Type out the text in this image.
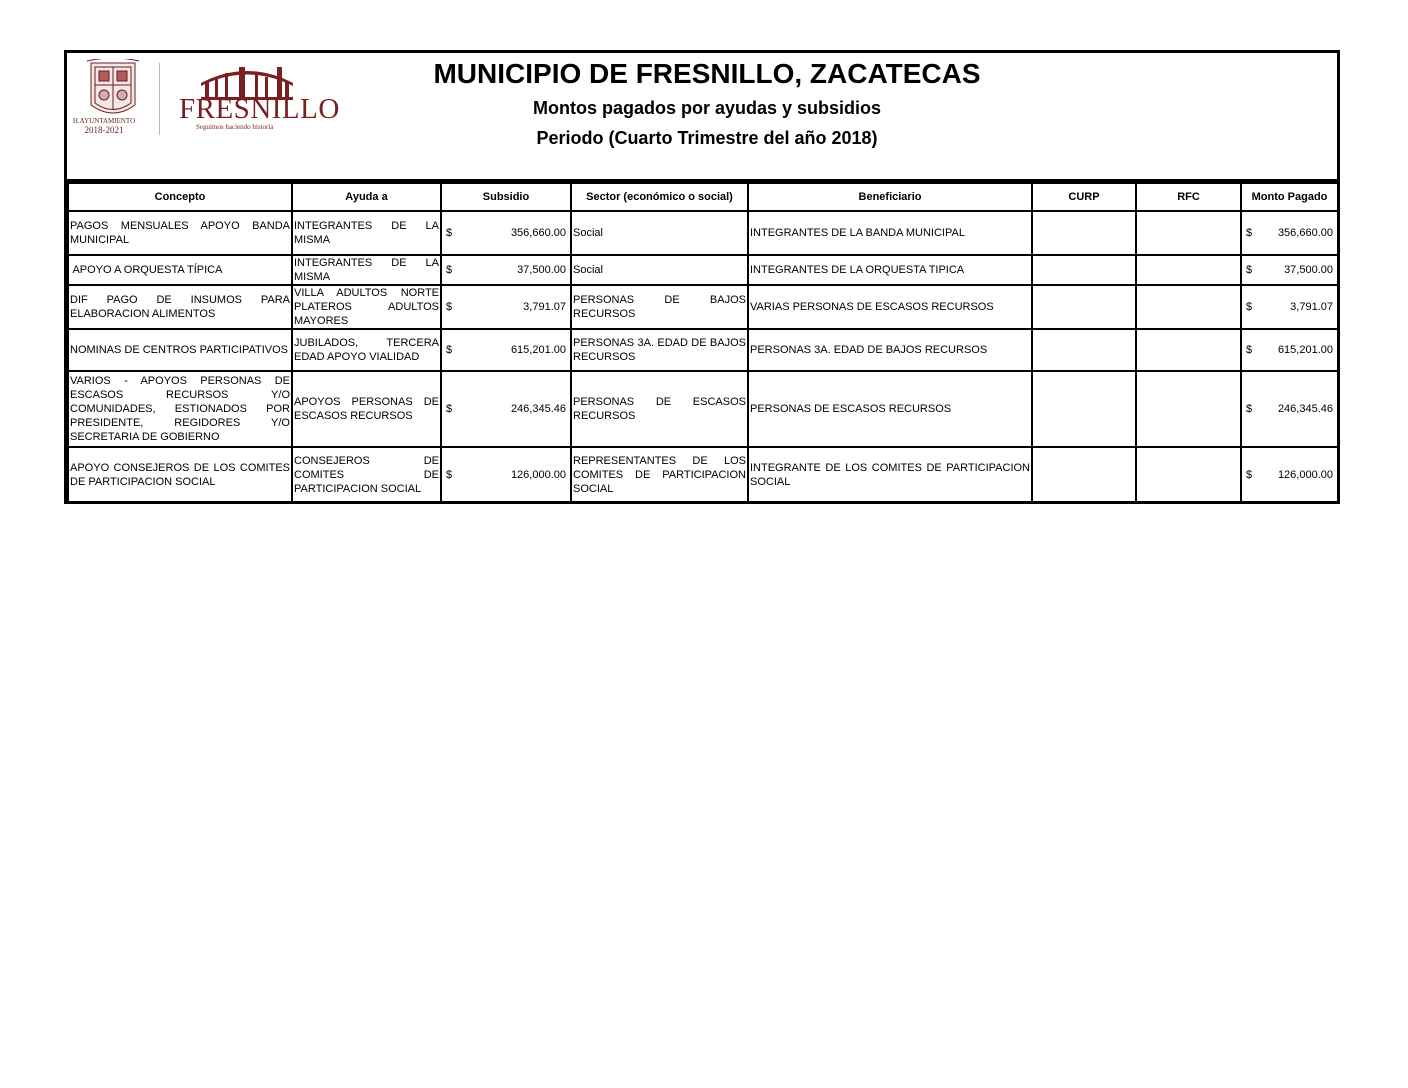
H.AYUNTAMIENTO
2018-2021
FRESNILLO
Seguimos haciendo historia
MUNICIPIO DE FRESNILLO, ZACATECAS
Montos pagados por ayudas y subsidios
Periodo (Cuarto Trimestre del año 2018)
Concepto	Ayuda a	Subsidio	Sector (económico o social)	Beneficiario	CURP	RFC	Monto Pagado
PAGOS MENSUALES APOYO BANDA MUNICIPAL	INTEGRANTES DE LA MISMA	$ 356,660.00	Social	INTEGRANTES DE LA BANDA MUNICIPAL			$ 356,660.00

APOYO A ORQUESTA TÍPICA	INTEGRANTES DE LA MISMA	$ 37,500.00	Social	INTEGRANTES DE LA ORQUESTA TIPICA			$ 37,500.00

DIF PAGO DE INSUMOS PARA ELABORACION ALIMENTOS	VILLA ADULTOS NORTE PLATEROS ADULTOS MAYORES	$ 3,791.07	PERSONAS DE BAJOS RECURSOS	VARIAS PERSONAS DE ESCASOS RECURSOS			$ 3,791.07

NOMINAS DE CENTROS PARTICIPATIVOS	JUBILADOS, TERCERA EDAD APOYO VIALIDAD	$ 615,201.00	PERSONAS 3A. EDAD DE BAJOS RECURSOS	PERSONAS 3A. EDAD DE BAJOS RECURSOS			$ 615,201.00

VARIOS - APOYOS PERSONAS DE ESCASOS RECURSOS Y/O COMUNIDADES, ESTIONADOS POR PRESIDENTE, REGIDORES Y/O SECRETARIA DE GOBIERNO	APOYOS PERSONAS DE ESCASOS RECURSOS	$ 246,345.46	PERSONAS DE ESCASOS RECURSOS	PERSONAS DE ESCASOS RECURSOS			$ 246,345.46

APOYO CONSEJEROS DE LOS COMITES DE PARTICIPACION SOCIAL	CONSEJEROS DE COMITES DE PARTICIPACION SOCIAL	$ 126,000.00	REPRESENTANTES DE LOS COMITES DE PARTICIPACION SOCIAL	INTEGRANTE DE LOS COMITES DE PARTICIPACION SOCIAL			$ 126,000.00
